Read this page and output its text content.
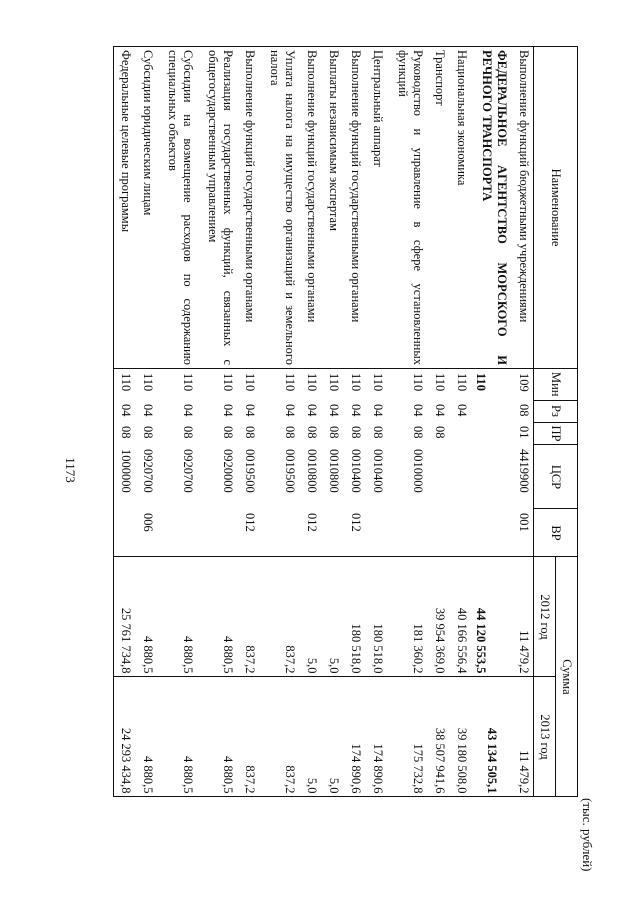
1173
(тыс. рублей)
Наименование	Мин	Рз	ПР	ЦСР	ВР	Сумма	
						2012 год	2013 год
Выполнение функций бюджетными учреждениями	109	08	01	4419900	001	11 479,2	11 479,2
ФЕДЕРАЛЬНОЕ АГЕНТСТВО МОРСКОГО И РЕЧНОГО ТРАНСПОРТА	110					44 120 553,5	43 134 505,1
Национальная экономика	110	04				40 166 556,4	39 180 508,0
Транспорт	110	04	08			39 954 369,0	38 507 941,6
Руководство и управление в сфере установленных функций	110	04	08	0010000		181 360,2	175 732,8
Центральный аппарат	110	04	08	0010400		180 518,0	174 890,6
Выполнение функций государственными органами	110	04	08	0010400	012	180 518,0	174 890,6
Выплаты независимым экспертам	110	04	08	0010800		5,0	5,0
Выполнение функций государственными органами	110	04	08	0010800	012	5,0	5,0
Уплата налога на имущество организаций и земельного налога	110	04	08	0019500		837,2	837,2
Выполнение функций государственными органами	110	04	08	0019500	012	837,2	837,2
Реализация государственных функций, связанных с общегосударственным управлением	110	04	08	0920000		4 880,5	4 880,5
Субсидии на возмещение расходов по содержанию специальных объектов	110	04	08	0920700		4 880,5	4 880,5
Субсидии юридическим лицам	110	04	08	0920700	006	4 880,5	4 880,5
Федеральные целевые программы	110	04	08	1000000		25 761 734,8	24 293 434,8
